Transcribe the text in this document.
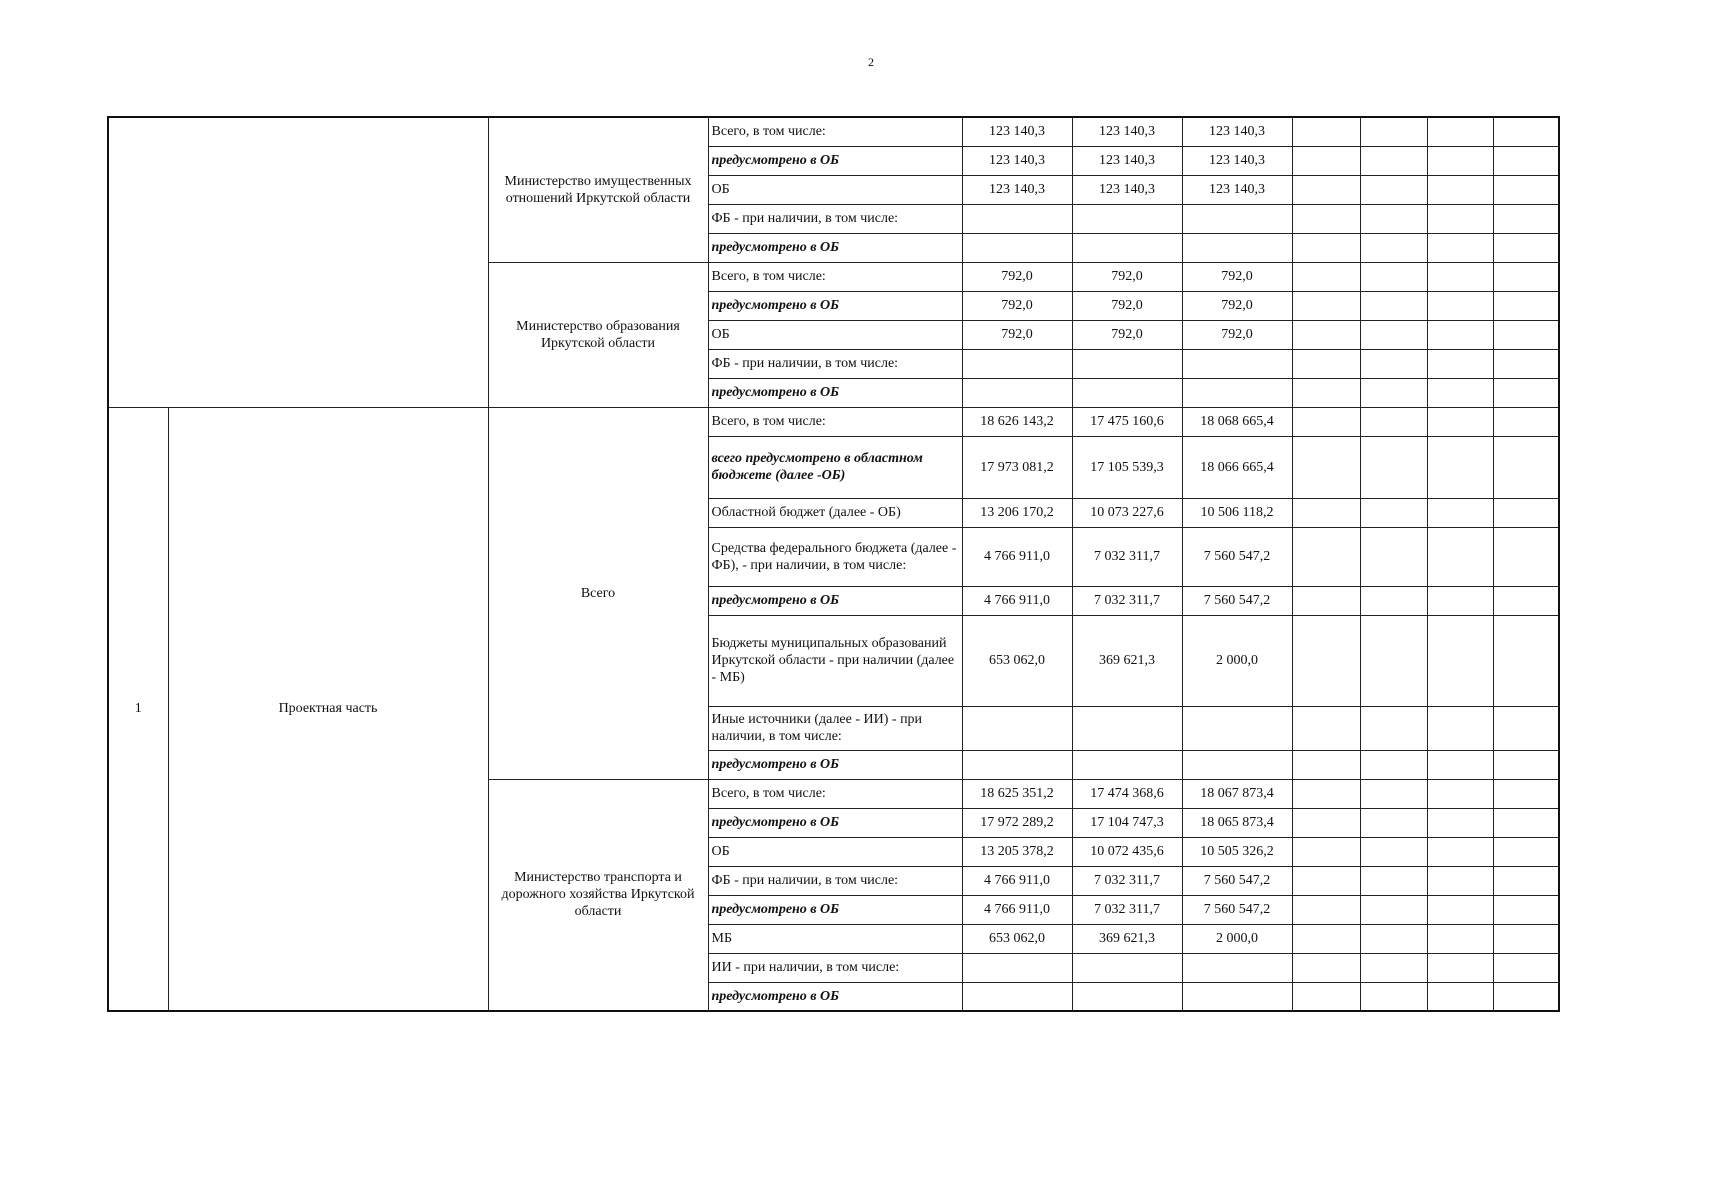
2
		Министерство имущественных отношений Иркутской области	Всего, в том числе:	123 140,3	123 140,3	123 140,3				
			предусмотрено в ОБ	123 140,3	123 140,3	123 140,3				
			ОБ	123 140,3	123 140,3	123 140,3				
			ФБ - при наличии, в том числе:							
			предусмотрено в ОБ							
		Министерство образования Иркутской области	Всего, в том числе:	792,0	792,0	792,0				
			предусмотрено в ОБ	792,0	792,0	792,0				
			ОБ	792,0	792,0	792,0				
			ФБ - при наличии, в том числе:							
			предусмотрено в ОБ							
1	Проектная часть	Всего	Всего, в том числе:	18 626 143,2	17 475 160,6	18 068 665,4				
			всего предусмотрено в областном бюджете (далее -ОБ)	17 973 081,2	17 105 539,3	18 066 665,4				
			Областной бюджет (далее - ОБ)	13 206 170,2	10 073 227,6	10 506 118,2				
			Средства федерального бюджета (далее - ФБ), - при наличии, в том числе:	4 766 911,0	7 032 311,7	7 560 547,2				
			предусмотрено в ОБ	4 766 911,0	7 032 311,7	7 560 547,2				
			Бюджеты муниципальных образований Иркутской области - при наличии (далее - МБ)	653 062,0	369 621,3	2 000,0				
			Иные источники (далее - ИИ) - при наличии, в том числе:							
			предусмотрено в ОБ							
		Министерство транспорта и дорожного хозяйства Иркутской области	Всего, в том числе:	18 625 351,2	17 474 368,6	18 067 873,4				
			предусмотрено в ОБ	17 972 289,2	17 104 747,3	18 065 873,4				
			ОБ	13 205 378,2	10 072 435,6	10 505 326,2				
			ФБ - при наличии, в том числе:	4 766 911,0	7 032 311,7	7 560 547,2				
			предусмотрено в ОБ	4 766 911,0	7 032 311,7	7 560 547,2				
			МБ	653 062,0	369 621,3	2 000,0				
			ИИ - при наличии, в том числе:							
			предусмотрено в ОБ							
